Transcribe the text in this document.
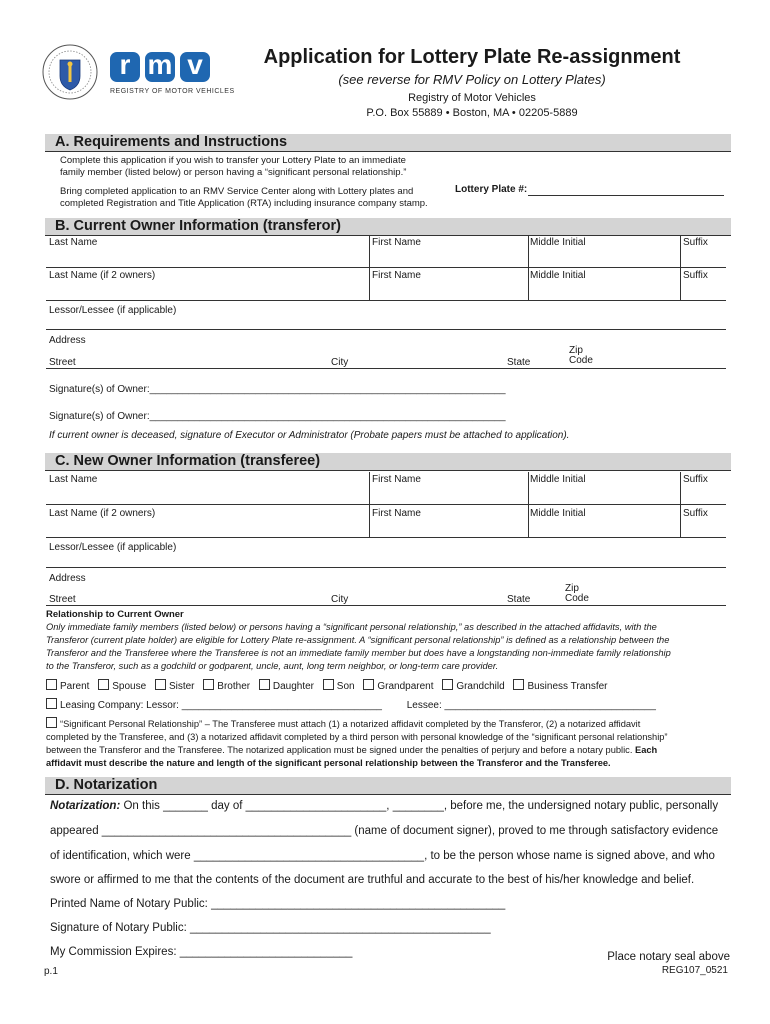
r m v
REGISTRY OF MOTOR VEHICLES
Application for Lottery Plate Re-assignment
(see reverse for RMV Policy on Lottery Plates)
Registry of Motor Vehicles
P.O. Box 55889 • Boston, MA • 02205-5889
A. Requirements and Instructions
Complete this application if you wish to transfer your Lottery Plate to an immediate
family member (listed below) or person having a “significant personal relationship.”
Bring completed application to an RMV Service Center along with Lottery plates and
completed Registration and Title Application (RTA) including insurance company stamp.
Lottery Plate #:
B. Current Owner Information (transferor)
Last Name	First Name	Middle Initial	Suffix
Last Name (if 2 owners)	First Name	Middle Initial	Suffix
Lessor/Lessee (if applicable)
Address
Street	City	State
Zip
Code
Signature(s) of Owner:________________________________________________________________
Signature(s) of Owner:________________________________________________________________
If current owner is deceased, signature of Executor or Administrator (Probate papers must be attached to application).
C. New Owner Information (transferee)
Last Name	First Name	Middle Initial	Suffix
Last Name (if 2 owners)	First Name	Middle Initial	Suffix
Lessor/Lessee (if applicable)
Address
Street	City	State
Zip
Code
Relationship to Current Owner
Only immediate family members (listed below) or persons having a “significant personal relationship,” as described in the attached affidavits, with the
Transferor (current plate holder) are eligible for Lottery Plate re-assignment. A “significant personal relationship” is defined as a relationship between the
Transferor and the Transferee where the Transferee is not an immediate family member but does have a longstanding non-immediate family relationship
to the Transferor, such as a godchild or godparent, uncle, aunt, long term neighbor, or long-term care provider.
Parent Spouse Sister Brother Daughter Son Grandparent Grandchild Business Transfer
Leasing Company: Lessor: ____________________________________ Lessee: ______________________________________
“Significant Personal Relationship” – The Transferee must attach (1) a notarized affidavit completed by the Transferor, (2) a notarized affidavit
completed by the Transferee, and (3) a notarized affidavit completed by a third person with personal knowledge of the “significant personal relationship”
between the Transferor and the Transferee. The notarized application must be signed under the penalties of perjury and before a notary public. Each
affidavit must describe the nature and length of the significant personal relationship between the Transferor and the Transferee.
D. Notarization
Notarization: On this _______ day of ______________________, ________, before me, the undersigned notary public, personally
appeared _______________________________________ (name of document signer), proved to me through satisfactory evidence
of identification, which were ____________________________________, to be the person whose name is signed above, and who
swore or affirmed to me that the contents of the document are truthful and accurate to the best of his/her knowledge and belief.
Printed Name of Notary Public: ______________________________________________
Signature of Notary Public: _______________________________________________
My Commission Expires: ___________________________	Place notary seal above
p.1	REG107_0521
